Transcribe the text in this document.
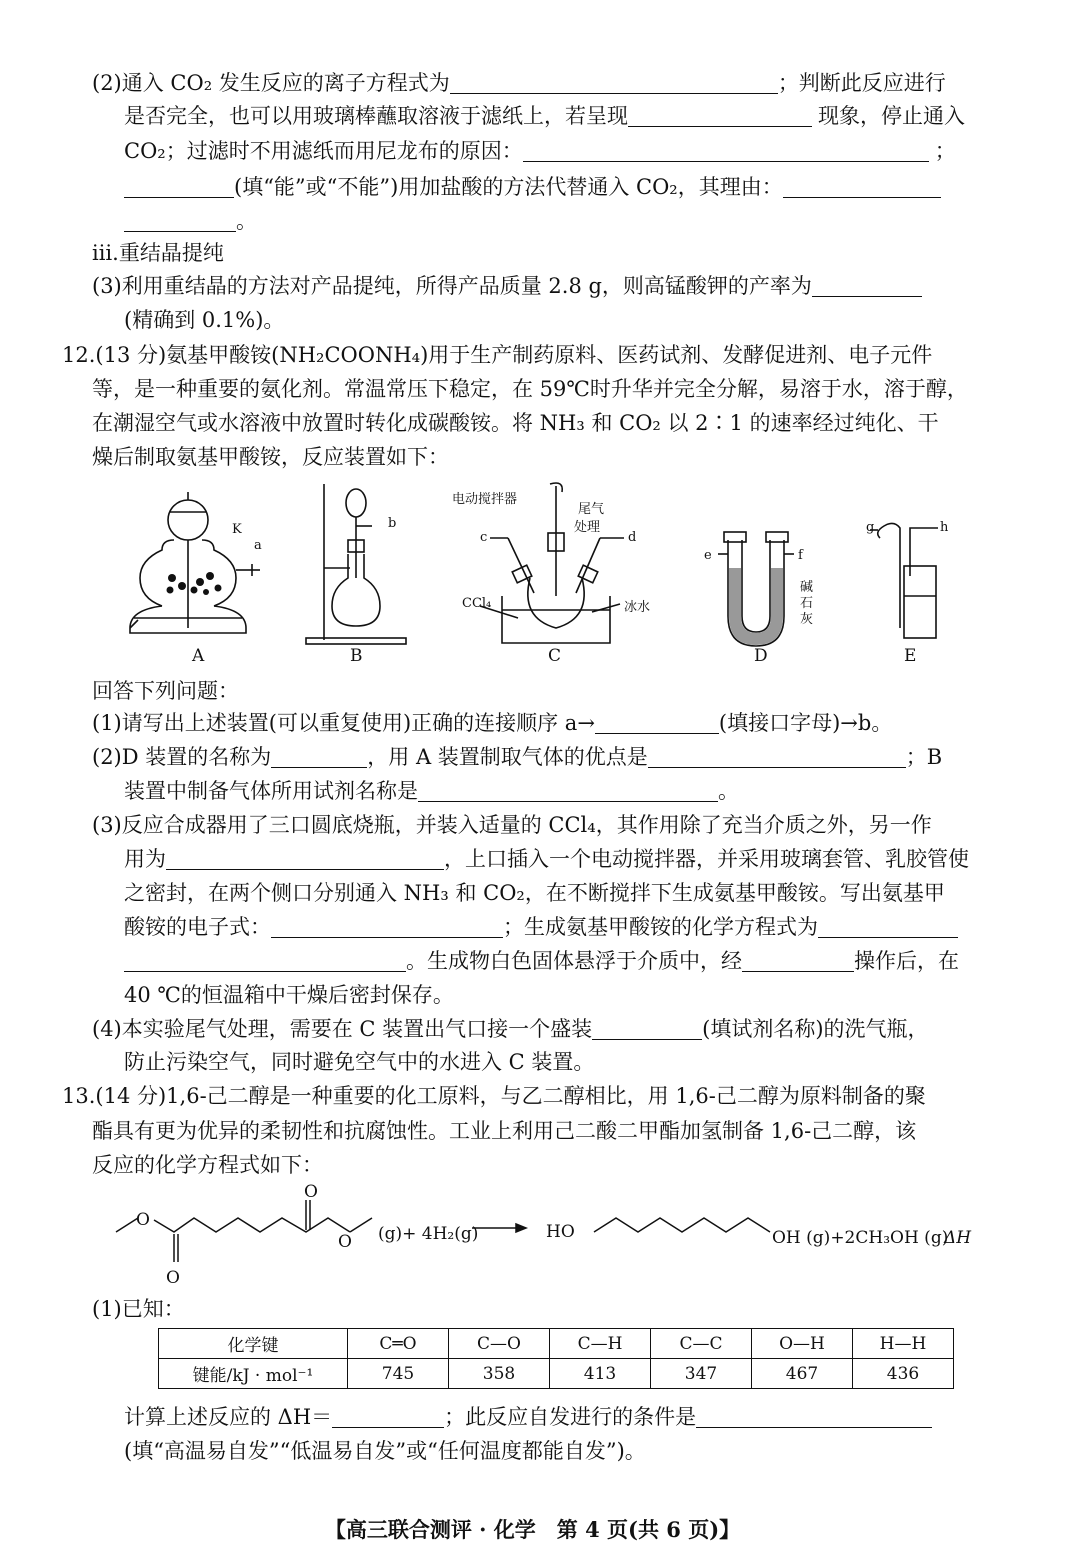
(2)通入 CO₂ 发生反应的离子方程式为	；判断此反应进行
是否完全，也可以用玻璃棒蘸取溶液于滤纸上，若呈现	现象，停止通入
CO₂；过滤时不用滤纸而用尼龙布的原因：	；
(填“能”或“不能”)用加盐酸的方法代替通入 CO₂，其理由：
。
ⅲ.重结晶提纯
(3)利用重结晶的方法对产品提纯，所得产品质量 2.8 g，则高锰酸钾的产率为
(精确到 0.1%)。
12.(13 分)氨基甲酸铵(NH₂COONH₄)用于生产制药原料、医药试剂、发酵促进剂、电子元件
等，是一种重要的氨化剂。常温常压下稳定，在 59℃时升华并完全分解，易溶于水，溶于醇，
在潮湿空气或水溶液中放置时转化成碳酸铵。将 NH₃ 和 CO₂ 以 2∶1 的速率经过纯化、干
燥后制取氨基甲酸铵，反应装置如下：
A	B	C	D	E
K
a
b
电动搅拌器
尾气
处理
c	d
CCl₄	冰水
e	f
碱
石
灰
g	h
回答下列问题：
(1)请写出上述装置(可以重复使用)正确的连接顺序 a→	(填接口字母)→b。
(2)D 装置的名称为	，用 A 装置制取气体的优点是	；B
装置中制备气体所用试剂名称是	。
(3)反应合成器用了三口圆底烧瓶，并装入适量的 CCl₄，其作用除了充当介质之外，另一作
用为	，上口插入一个电动搅拌器，并采用玻璃套管、乳胶管使
之密封，在两个侧口分别通入 NH₃ 和 CO₂，在不断搅拌下生成氨基甲酸铵。写出氨基甲
酸铵的电子式：	；生成氨基甲酸铵的化学方程式为
。生成物白色固体悬浮于介质中，经	操作后，在
40 ℃的恒温箱中干燥后密封保存。
(4)本实验尾气处理，需要在 C 装置出气口接一个盛装	(填试剂名称)的洗气瓶，
防止污染空气，同时避免空气中的水进入 C 装置。
13.(14 分)1,6-己二醇是一种重要的化工原料，与乙二醇相比，用 1,6-己二醇为原料制备的聚
酯具有更为优异的柔韧性和抗腐蚀性。工业上利用己二酸二甲酯加氢制备 1,6-己二醇，该
反应的化学方程式如下：
O
O
O
O (g)+ 4H₂(g)	HO	OH (g)+2CH₃OH (g)
ΔH
(1)已知：
化学键	C═O	C—O	C—H	C—C	O—H	H—H
键能/kJ · mol⁻¹	745	358	413	347	467	436
计算上述反应的 ΔH＝	；此反应自发进行的条件是
(填“高温易自发”“低温易自发”或“任何温度都能自发”)。
【高三联合测评 · 化学　第 4 页(共 6 页)】
